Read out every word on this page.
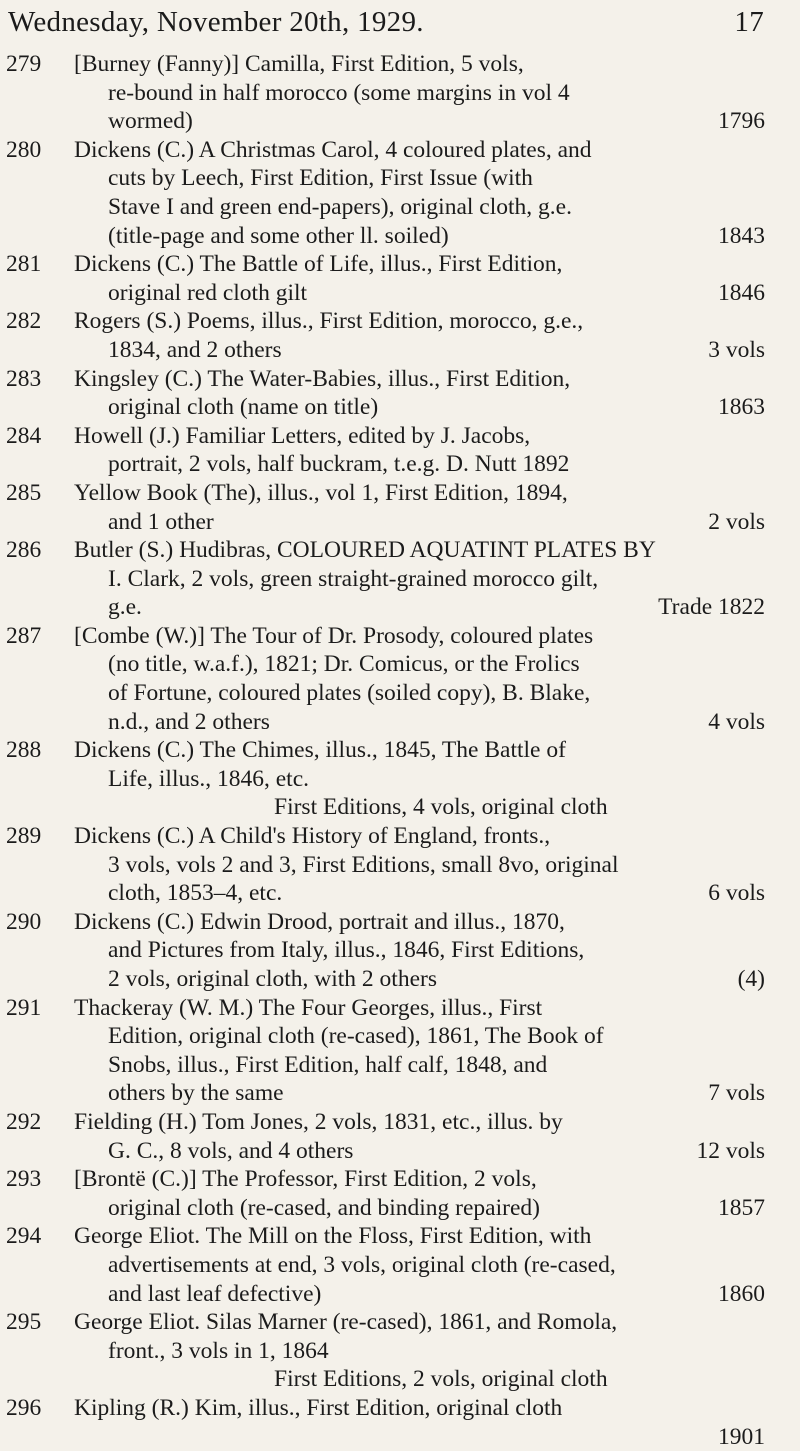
Wednesday, November 20th, 1929.	17
279	[Burney (Fanny)] Camilla, First Edition, 5 vols,
re-bound in half morocco (some margins in vol 4
wormed)	1796
280	Dickens (C.) A Christmas Carol, 4 coloured plates, and
cuts by Leech, First Edition, First Issue (with
Stave I and green end-papers), original cloth, g.e.
(title-page and some other ll. soiled)	1843
281	Dickens (C.) The Battle of Life, illus., First Edition,
original red cloth gilt	1846
282	Rogers (S.) Poems, illus., First Edition, morocco, g.e.,
1834, and 2 others	3 vols
283	Kingsley (C.) The Water-Babies, illus., First Edition,
original cloth (name on title)	1863
284	Howell (J.) Familiar Letters, edited by J. Jacobs,
portrait, 2 vols, half buckram, t.e.g. D. Nutt 1892
285	Yellow Book (The), illus., vol 1, First Edition, 1894,
and 1 other	2 vols
286	Butler (S.) Hudibras, COLOURED AQUATINT PLATES BY
I. Clark, 2 vols, green straight-grained morocco gilt,
g.e.	Trade 1822
287	[Combe (W.)] The Tour of Dr. Prosody, coloured plates
(no title, w.a.f.), 1821; Dr. Comicus, or the Frolics
of Fortune, coloured plates (soiled copy), B. Blake,
n.d., and 2 others	4 vols
288	Dickens (C.) The Chimes, illus., 1845, The Battle of
Life, illus., 1846, etc.
First Editions, 4 vols, original cloth
289	Dickens (C.) A Child's History of England, fronts.,
3 vols, vols 2 and 3, First Editions, small 8vo, original
cloth, 1853–4, etc.	6 vols
290	Dickens (C.) Edwin Drood, portrait and illus., 1870,
and Pictures from Italy, illus., 1846, First Editions,
2 vols, original cloth, with 2 others	(4)
291	Thackeray (W. M.) The Four Georges, illus., First
Edition, original cloth (re-cased), 1861, The Book of
Snobs, illus., First Edition, half calf, 1848, and
others by the same	7 vols
292	Fielding (H.) Tom Jones, 2 vols, 1831, etc., illus. by
G. C., 8 vols, and 4 others	12 vols
293	[Brontë (C.)] The Professor, First Edition, 2 vols,
original cloth (re-cased, and binding repaired)	1857
294	George Eliot. The Mill on the Floss, First Edition, with
advertisements at end, 3 vols, original cloth (re-cased,
and last leaf defective)	1860
295	George Eliot. Silas Marner (re-cased), 1861, and Romola,
front., 3 vols in 1, 1864
First Editions, 2 vols, original cloth
296	Kipling (R.) Kim, illus., First Edition, original cloth
1901
